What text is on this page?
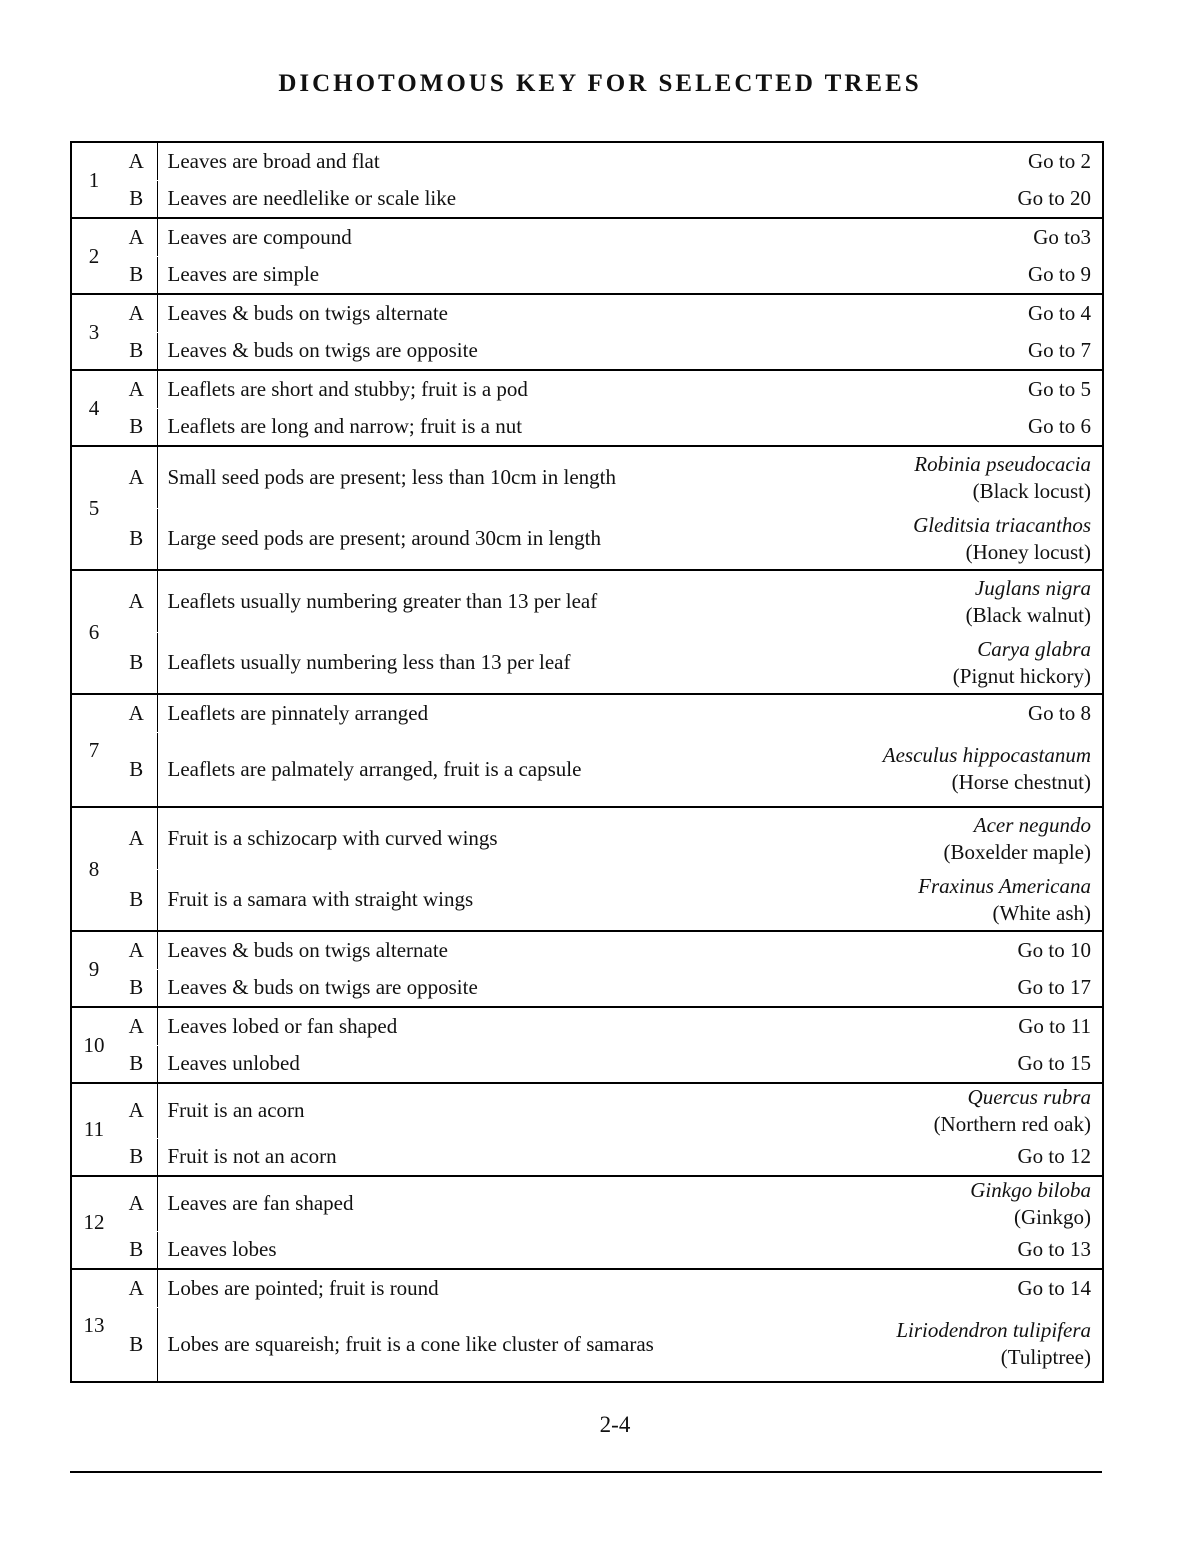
DICHOTOMOUS KEY FOR SELECTED TREES
1	A	Leaves are broad and flat	Go to 2
	B	Leaves are needlelike or scale like	Go to 20
2	A	Leaves are compound	Go to3
	B	Leaves are simple	Go to 9
3	A	Leaves & buds on twigs alternate	Go to 4
	B	Leaves & buds on twigs are opposite	Go to 7
4	A	Leaflets are short and stubby; fruit is a pod	Go to 5
	B	Leaflets are long and narrow; fruit is a nut	Go to 6
5	A	Small seed pods are present; less than 10cm in length	Robinia pseudocacia
(Black locust)

	B	Large seed pods are present; around 30cm in length	Gleditsia triacanthos
(Honey locust)

6	A	Leaflets usually numbering greater than 13 per leaf	Juglans nigra
(Black walnut)

	B	Leaflets usually numbering less than 13 per leaf	Carya glabra
(Pignut hickory)

7	A	Leaflets are pinnately arranged	Go to 8
	B	Leaflets are palmately arranged, fruit is a capsule	Aesculus hippocastanum
(Horse chestnut)

8	A	Fruit is a schizocarp with curved wings	Acer negundo
(Boxelder maple)

	B	Fruit is a samara with straight wings	Fraxinus Americana
(White ash)

9	A	Leaves & buds on twigs alternate	Go to 10
	B	Leaves & buds on twigs are opposite	Go to 17
10	A	Leaves lobed or fan shaped	Go to 11
	B	Leaves unlobed	Go to 15
11	A	Fruit is an acorn	Quercus rubra
(Northern red oak)

	B	Fruit is not an acorn	Go to 12
12	A	Leaves are fan shaped	Ginkgo biloba
(Ginkgo)

	B	Leaves lobes	Go to 13
13	A	Lobes are pointed; fruit is round	Go to 14
	B	Lobes are squareish; fruit is a cone like cluster of samaras	Liriodendron tulipifera
(Tuliptree)
2-4
